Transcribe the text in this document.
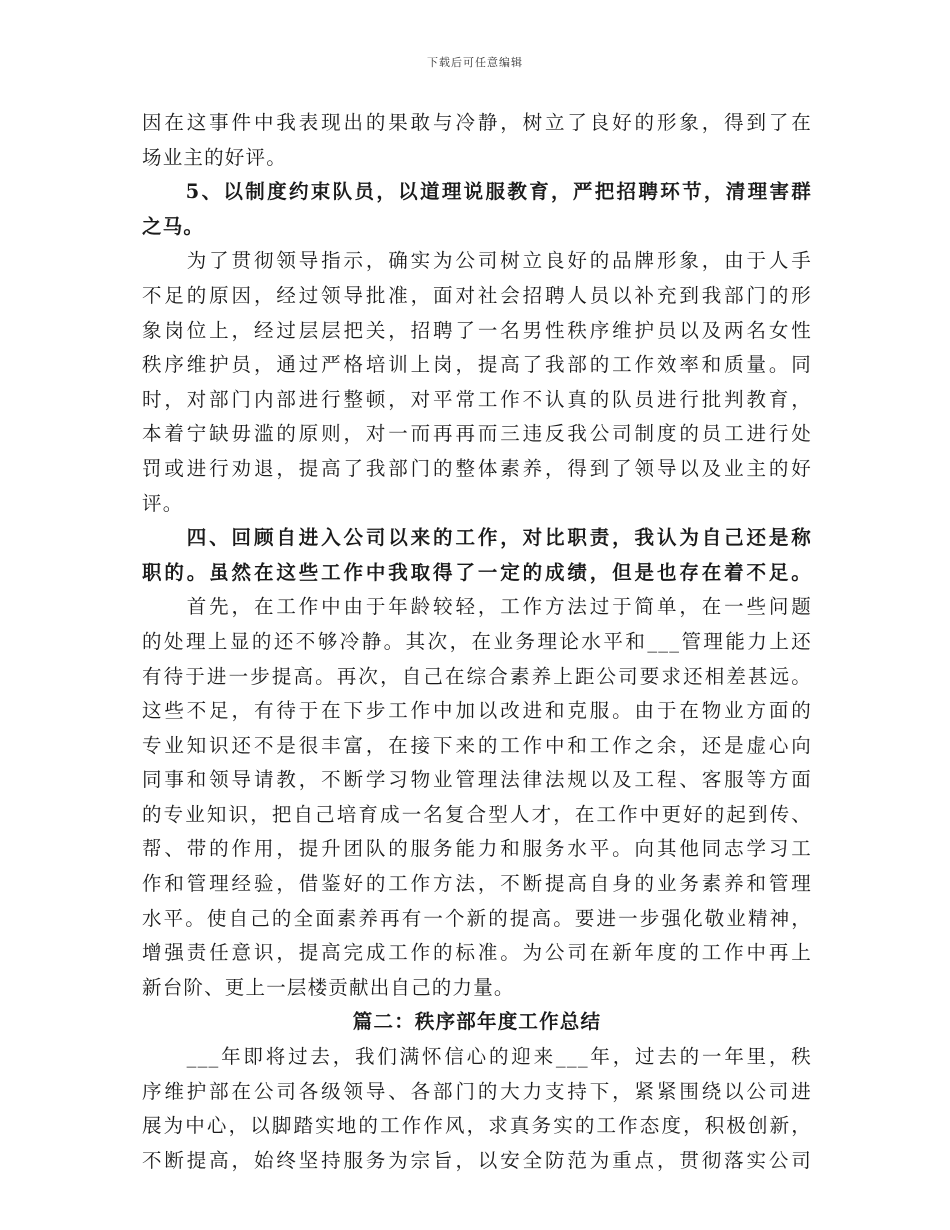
下载后可任意编辑
因在这事件中我表现出的果敢与冷静，树立了良好的形象，得到了在
场业主的好评。
　　5、以制度约束队员，以道理说服教育，严把招聘环节，清理害群
之马。
　　为了贯彻领导指示，确实为公司树立良好的品牌形象，由于人手
不足的原因，经过领导批准，面对社会招聘人员以补充到我部门的形
象岗位上，经过层层把关，招聘了一名男性秩序维护员以及两名女性
秩序维护员，通过严格培训上岗，提高了我部的工作效率和质量。同
时，对部门内部进行整顿，对平常工作不认真的队员进行批判教育，
本着宁缺毋滥的原则，对一而再再而三违反我公司制度的员工进行处
罚或进行劝退，提高了我部门的整体素养，得到了领导以及业主的好
评。
　　四、回顾自进入公司以来的工作，对比职责，我认为自己还是称
职的。虽然在这些工作中我取得了一定的成绩，但是也存在着不足。
　　首先，在工作中由于年龄较轻，工作方法过于简单，在一些问题
的处理上显的还不够冷静。其次，在业务理论水平和___管理能力上还
有待于进一步提高。再次，自己在综合素养上距公司要求还相差甚远。
这些不足，有待于在下步工作中加以改进和克服。由于在物业方面的
专业知识还不是很丰富，在接下来的工作中和工作之余，还是虚心向
同事和领导请教，不断学习物业管理法律法规以及工程、客服等方面
的专业知识，把自己培育成一名复合型人才，在工作中更好的起到传、
帮、带的作用，提升团队的服务能力和服务水平。向其他同志学习工
作和管理经验，借鉴好的工作方法，不断提高自身的业务素养和管理
水平。使自己的全面素养再有一个新的提高。要进一步强化敬业精神，
增强责任意识，提高完成工作的标准。为公司在新年度的工作中再上
新台阶、更上一层楼贡献出自己的力量。
篇二：秩序部年度工作总结
　　___年即将过去，我们满怀信心的迎来___年，过去的一年里，秩
序维护部在公司各级领导、各部门的大力支持下，紧紧围绕以公司进
展为中心，以脚踏实地的工作作风，求真务实的工作态度，积极创新，
不断提高，始终坚持服务为宗旨，以安全防范为重点，贯彻落实公司
